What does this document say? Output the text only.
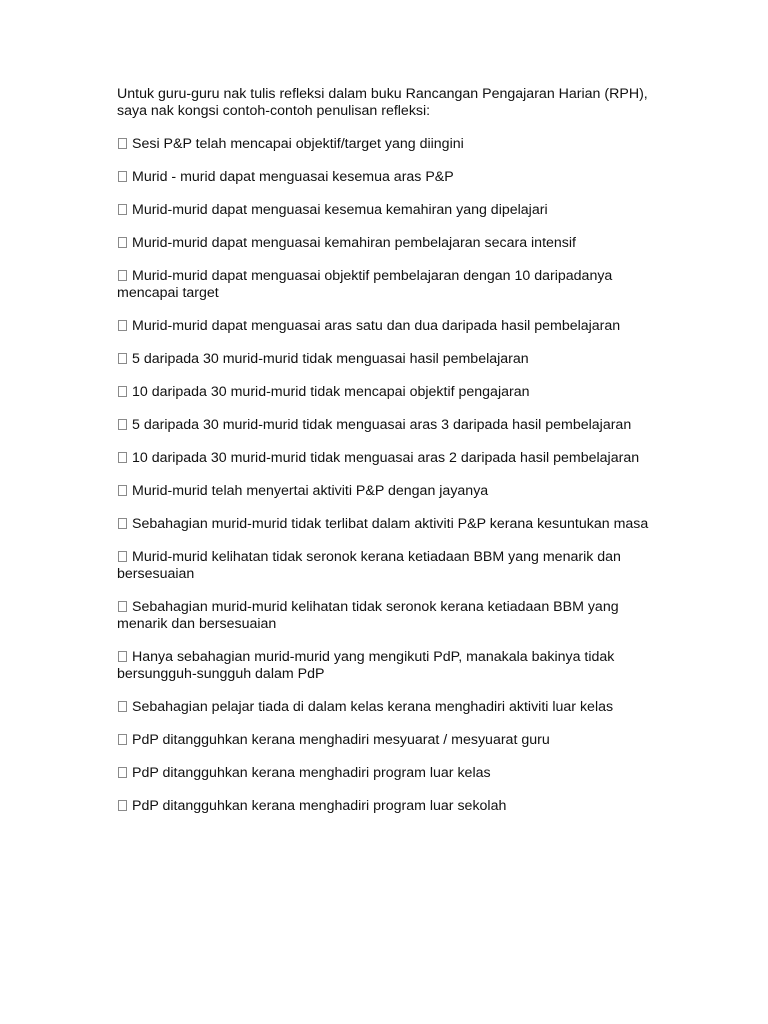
Untuk guru-guru nak tulis refleksi dalam buku Rancangan Pengajaran Harian (RPH), saya nak kongsi contoh-contoh penulisan refleksi:

Sesi P&P telah mencapai objektif/target yang diingini
Murid - murid dapat menguasai kesemua aras P&P
Murid-murid dapat menguasai kesemua kemahiran yang dipelajari
Murid-murid dapat menguasai kemahiran pembelajaran secara intensif
Murid-murid dapat menguasai objektif pembelajaran dengan 10 daripadanya mencapai target
Murid-murid dapat menguasai aras satu dan dua daripada hasil pembelajaran
5 daripada 30 murid-murid tidak menguasai hasil pembelajaran
10 daripada 30 murid-murid tidak mencapai objektif pengajaran
5 daripada 30 murid-murid tidak menguasai aras 3 daripada hasil pembelajaran
10 daripada 30 murid-murid tidak menguasai aras 2 daripada hasil pembelajaran
Murid-murid telah menyertai aktiviti P&P dengan jayanya
Sebahagian murid-murid tidak terlibat dalam aktiviti P&P kerana kesuntukan masa
Murid-murid kelihatan tidak seronok kerana ketiadaan BBM yang menarik dan bersesuaian
Sebahagian murid-murid kelihatan tidak seronok kerana ketiadaan BBM yang menarik dan bersesuaian
Hanya sebahagian murid-murid yang mengikuti PdP, manakala bakinya tidak bersungguh-sungguh dalam PdP
Sebahagian pelajar tiada di dalam kelas kerana menghadiri aktiviti luar kelas
PdP ditangguhkan kerana menghadiri mesyuarat / mesyuarat guru
PdP ditangguhkan kerana menghadiri program luar kelas
PdP ditangguhkan kerana menghadiri program luar sekolah
